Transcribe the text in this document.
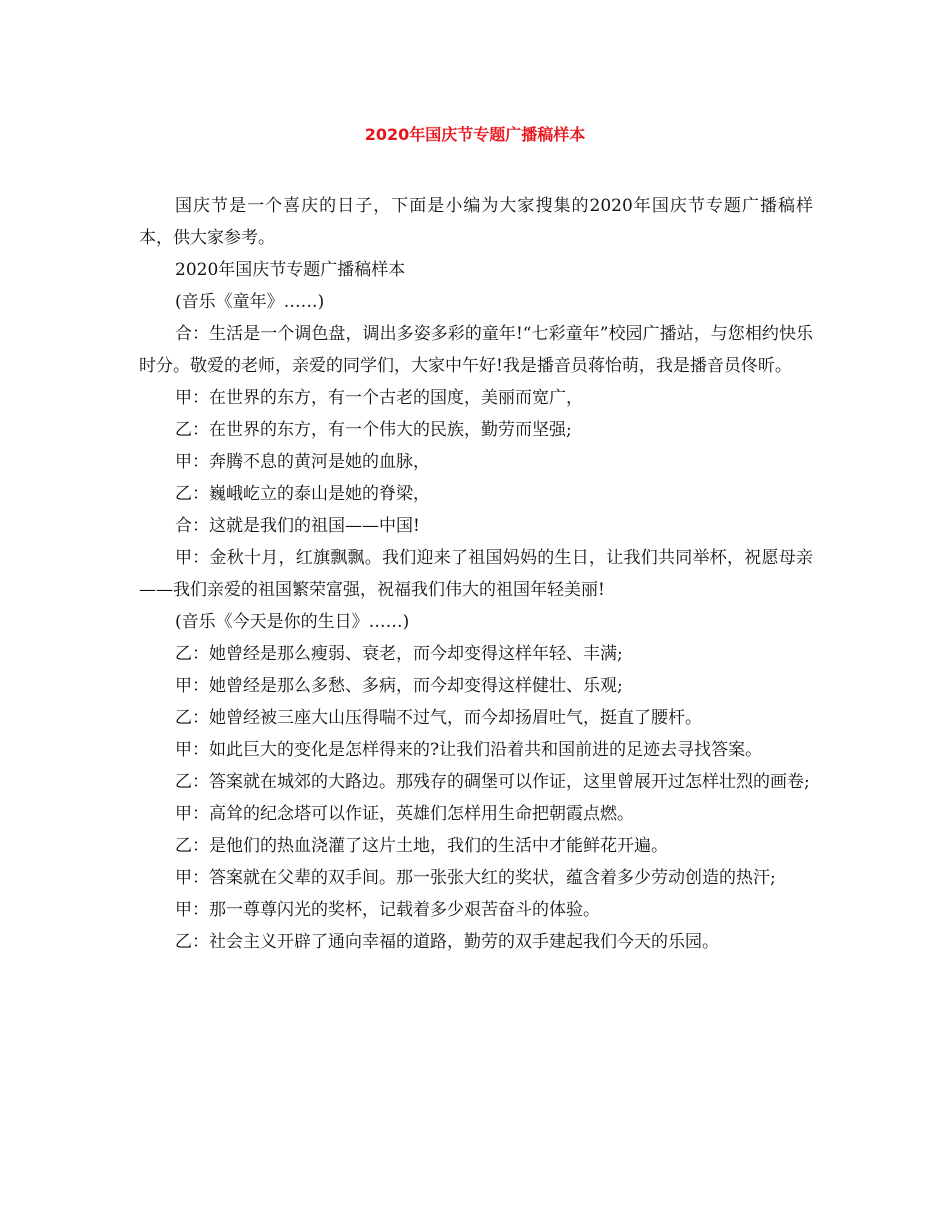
2020年国庆节专题广播稿样本

国庆节是一个喜庆的日子，下面是小编为大家搜集的2020年国庆节专题广播稿样本，供大家参考。

2020年国庆节专题广播稿样本

(音乐《童年》……)

合：生活是一个调色盘，调出多姿多彩的童年!“七彩童年”校园广播站，与您相约快乐时分。敬爱的老师，亲爱的同学们，大家中午好!我是播音员蒋怡萌，我是播音员佟昕。

甲：在世界的东方，有一个古老的国度，美丽而宽广，

乙：在世界的东方，有一个伟大的民族，勤劳而坚强;

甲：奔腾不息的黄河是她的血脉，

乙：巍峨屹立的泰山是她的脊梁，

合：这就是我们的祖国——中国!

甲：金秋十月，红旗飘飘。我们迎来了祖国妈妈的生日，让我们共同举杯，祝愿母亲——我们亲爱的祖国繁荣富强，祝福我们伟大的祖国年轻美丽!

(音乐《今天是你的生日》……)

乙：她曾经是那么瘦弱、衰老，而今却变得这样年轻、丰满;

甲：她曾经是那么多愁、多病，而今却变得这样健壮、乐观;

乙：她曾经被三座大山压得喘不过气，而今却扬眉吐气，挺直了腰杆。

甲：如此巨大的变化是怎样得来的?让我们沿着共和国前进的足迹去寻找答案。

乙：答案就在城郊的大路边。那残存的碉堡可以作证，这里曾展开过怎样壮烈的画卷;

甲：高耸的纪念塔可以作证，英雄们怎样用生命把朝霞点燃。

乙：是他们的热血浇灌了这片土地，我们的生活中才能鲜花开遍。

甲：答案就在父辈的双手间。那一张张大红的奖状，蕴含着多少劳动创造的热汗;

甲：那一尊尊闪光的奖杯，记载着多少艰苦奋斗的体验。

乙：社会主义开辟了通向幸福的道路，勤劳的双手建起我们今天的乐园。
